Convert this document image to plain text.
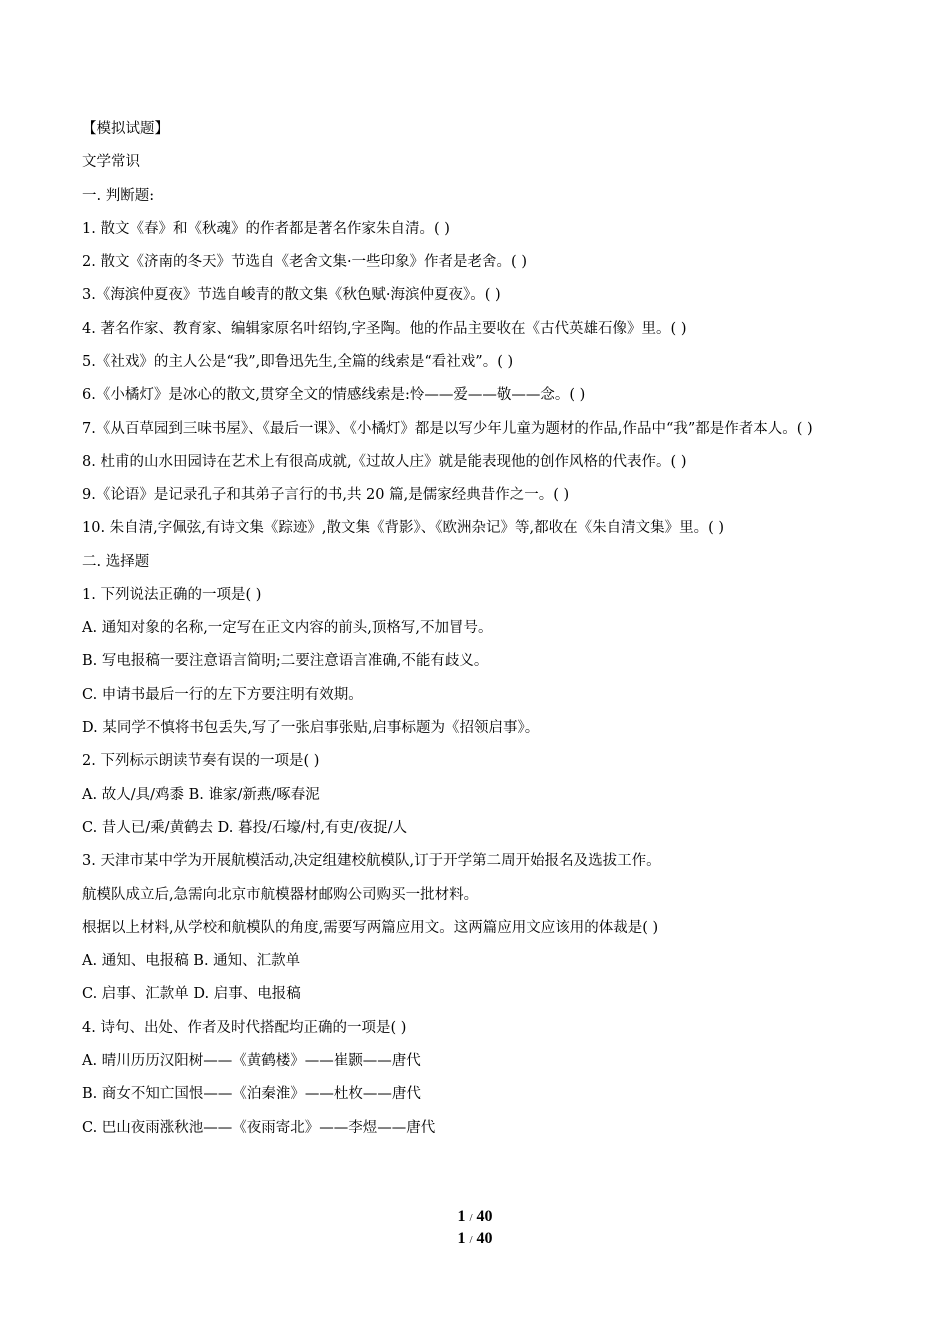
【模拟试题】
文学常识
一. 判断题:
1. 散文《春》和《秋魂》的作者都是著名作家朱自清。( )
2. 散文《济南的冬天》节选自《老舍文集·一些印象》作者是老舍。( )
3.《海滨仲夏夜》节选自峻青的散文集《秋色赋·海滨仲夏夜》。( )
4. 著名作家、教育家、编辑家原名叶绍钧,字圣陶。他的作品主要收在《古代英雄石像》里。( )
5.《社戏》的主人公是“我”,即鲁迅先生,全篇的线索是“看社戏”。( )
6.《小橘灯》是冰心的散文,贯穿全文的情感线索是:怜——爱——敬——念。( )
7.《从百草园到三味书屋》、《最后一课》、《小橘灯》都是以写少年儿童为题材的作品,作品中“我”都是作者本人。( )
8. 杜甫的山水田园诗在艺术上有很高成就,《过故人庄》就是能表现他的创作风格的代表作。( )
9.《论语》是记录孔子和其弟子言行的书,共 20 篇,是儒家经典昔作之一。( )
10. 朱自清,字佩弦,有诗文集《踪迹》,散文集《背影》、《欧洲杂记》等,都收在《朱自清文集》里。( )
二. 选择题
1. 下列说法正确的一项是( )
A. 通知对象的名称,一定写在正文内容的前头,顶格写,不加冒号。
B. 写电报稿一要注意语言简明;二要注意语言准确,不能有歧义。
C. 申请书最后一行的左下方要注明有效期。
D. 某同学不慎将书包丢失,写了一张启事张贴,启事标题为《招领启事》。
2. 下列标示朗读节奏有误的一项是( )
A. 故人/具/鸡黍 B. 谁家/新燕/啄春泥
C. 昔人已/乘/黄鹤去 D. 暮投/石壕/村,有吏/夜捉/人
3. 天津市某中学为开展航模活动,决定组建校航模队,订于开学第二周开始报名及选拔工作。
航模队成立后,急需向北京市航模器材邮购公司购买一批材料。
根据以上材料,从学校和航模队的角度,需要写两篇应用文。这两篇应用文应该用的体裁是( )
A. 通知、电报稿 B. 通知、汇款单
C. 启事、汇款单 D. 启事、电报稿
4. 诗句、出处、作者及时代搭配均正确的一项是( )
A. 晴川历历汉阳树——《黄鹤楼》——崔颢——唐代
B. 商女不知亡国恨——《泊秦淮》——杜枚——唐代
C. 巴山夜雨涨秋池——《夜雨寄北》——李煜——唐代
1 / 40
1 / 40
